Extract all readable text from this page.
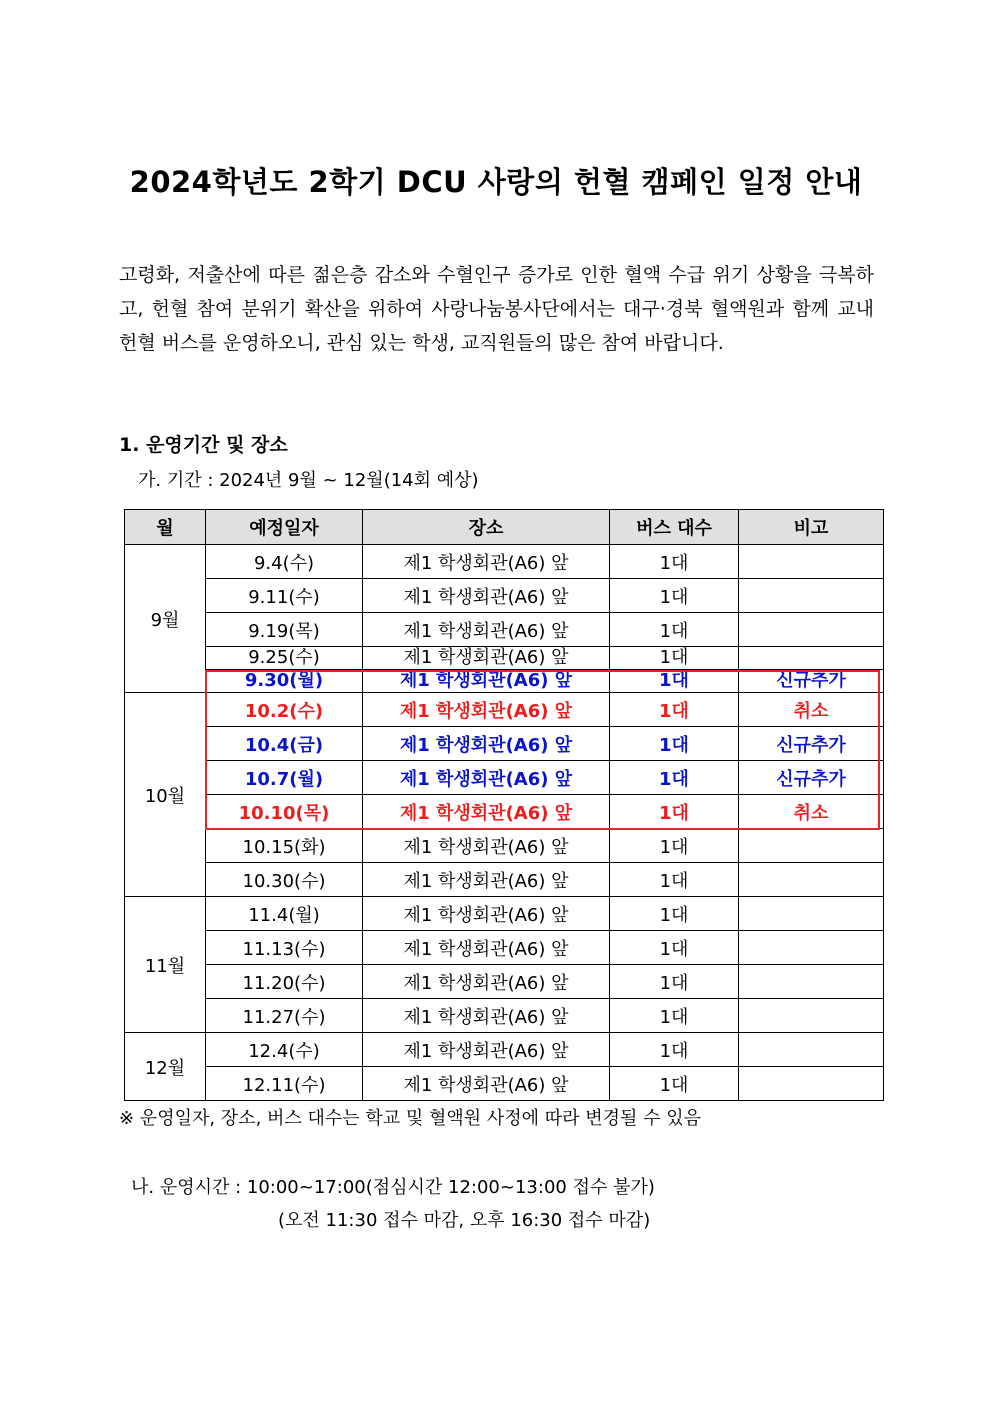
2024학년도 2학기 DCU 사랑의 헌혈 캠페인 일정 안내
고령화, 저출산에 따른 젊은층 감소와 수혈인구 증가로 인한 혈액 수급 위기 상황을 극복하고, 헌혈 참여 분위기 확산을 위하여 사랑나눔봉사단에서는 대구·경북 혈액원과 함께 교내 헌혈 버스를 운영하오니, 관심 있는 학생, 교직원들의 많은 참여 바랍니다.
1. 운영기간 및 장소
가. 기간 : 2024년 9월 ~ 12월(14회 예상)
월	예정일자	장소	버스 대수	비고
9월	9.4(수)	제1 학생회관(A6) 앞	1대	
	9.11(수)	제1 학생회관(A6) 앞	1대	
	9.19(목)	제1 학생회관(A6) 앞	1대	
	9.25(수)	제1 학생회관(A6) 앞	1대	
	9.30(월)	제1 학생회관(A6) 앞	1대	신규추가
10월	10.2(수)	제1 학생회관(A6) 앞	1대	취소
	10.4(금)	제1 학생회관(A6) 앞	1대	신규추가
	10.7(월)	제1 학생회관(A6) 앞	1대	신규추가
	10.10(목)	제1 학생회관(A6) 앞	1대	취소
	10.15(화)	제1 학생회관(A6) 앞	1대	
	10.30(수)	제1 학생회관(A6) 앞	1대	
11월	11.4(월)	제1 학생회관(A6) 앞	1대	
	11.13(수)	제1 학생회관(A6) 앞	1대	
	11.20(수)	제1 학생회관(A6) 앞	1대	
	11.27(수)	제1 학생회관(A6) 앞	1대	
12월	12.4(수)	제1 학생회관(A6) 앞	1대	
	12.11(수)	제1 학생회관(A6) 앞	1대	
※ 운영일자, 장소, 버스 대수는 학교 및 혈액원 사정에 따라 변경될 수 있음
나. 운영시간 : 10:00~17:00(점심시간 12:00~13:00 접수 불가)
(오전 11:30 접수 마감, 오후 16:30 접수 마감)
